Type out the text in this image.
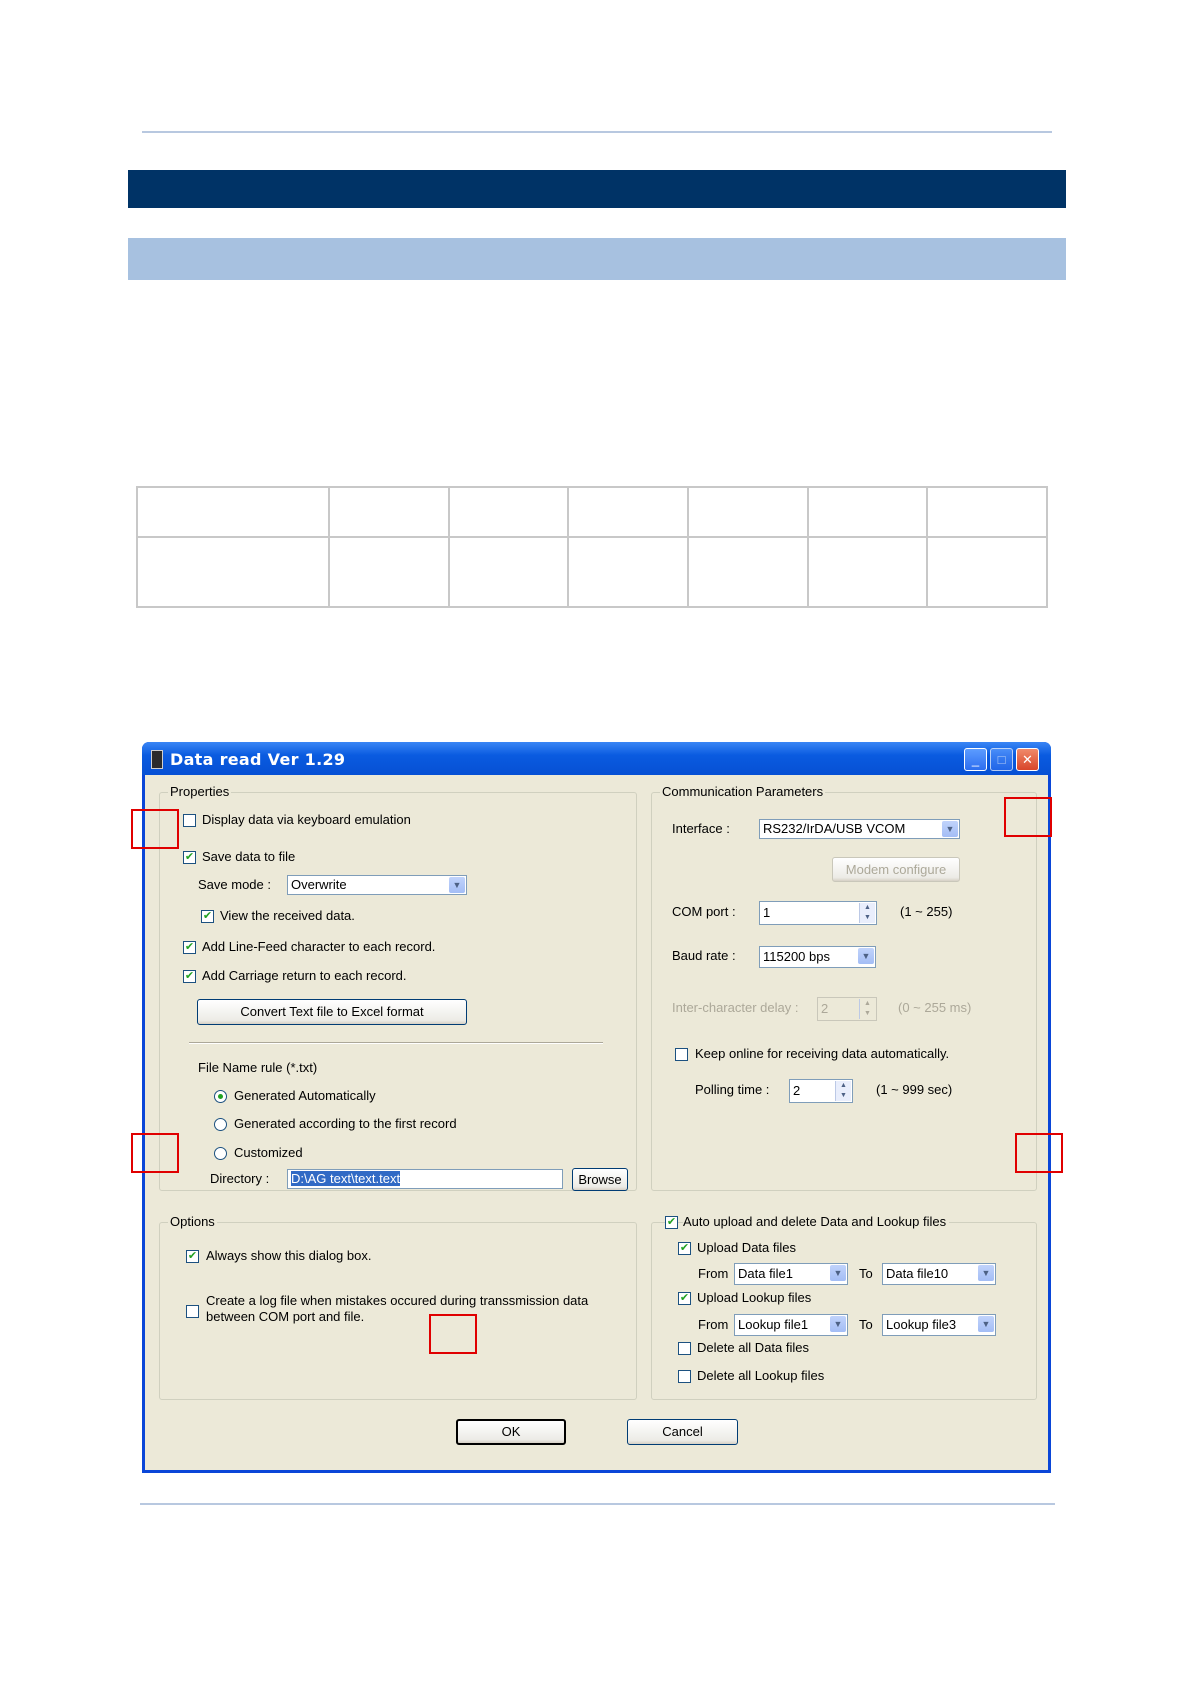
Data read Ver 1.29	_	□	✕
Properties
Display data via keyboard emulation
✔ Save data to file
Save mode :	Overwrite	▼
✔ View the received data.
✔ Add Line-Feed character to each record.
✔ Add Carriage return to each record.
Convert Text file to Excel format
File Name rule (*.txt)
Generated Automatically
Generated according to the first record
Customized
Directory :	D:\AG text\text.text	Browse
Communication Parameters
Interface :	RS232/IrDA/USB VCOM	▼
Modem configure
COM port :	1	▲
▼	(1 ~ 255)
Baud rate :	115200 bps	▼
Inter-character delay :	2	▲
▼	(0 ~ 255 ms)
Keep online for receiving data automatically.
Polling time :	2	▲
▼	(1 ~ 999 sec)
Options
✔ Always show this dialog box.
Create a log file when mistakes occured during transsmission data
between COM port and file.
✔ Auto upload and delete Data and Lookup files
✔ Upload Data files
From Data file1	▼ To	Data file10	▼
✔ Upload Lookup files
From Lookup file1	▼ To	Lookup file3	▼
Delete all Data files
Delete all Lookup files
OK	Cancel
